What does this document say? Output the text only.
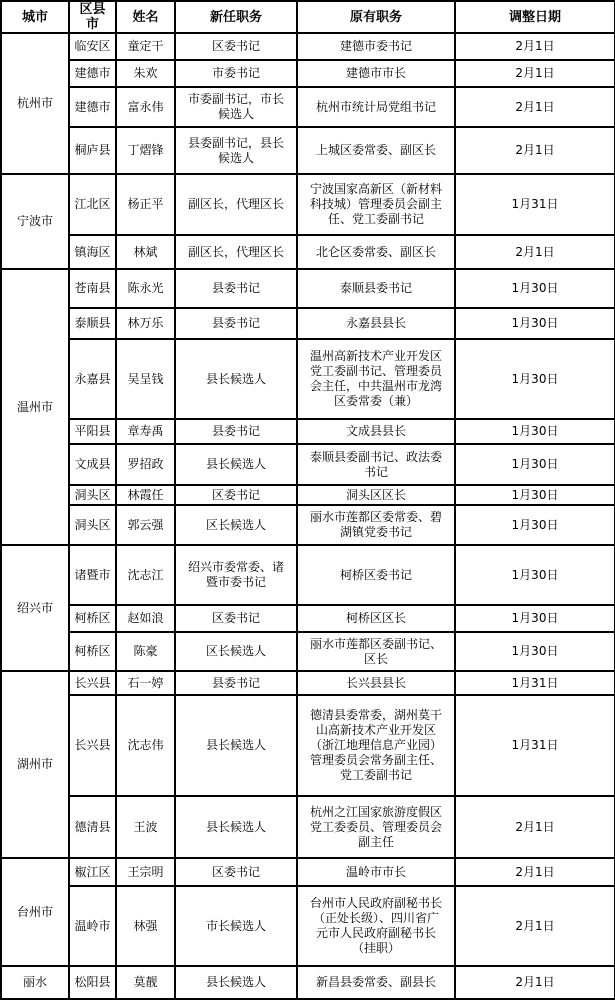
城市	区县市	姓名	新任职务	原有职务	调整日期
杭州市	临安区	童定干	区委书记	建德市委书记	2月1日
	建德市	朱欢	市委书记	建德市市长	2月1日
	建德市	富永伟	市委副书记，市长候选人	杭州市统计局党组书记	2月1日
	桐庐县	丁熠锋	县委副书记，县长候选人	上城区委常委、副区长	2月1日
宁波市	江北区	杨正平	副区长，代理区长	宁波国家高新区（新材料科技城）管理委员会副主任、党工委副书记	1月31日
	镇海区	林斌	副区长，代理区长	北仑区委常委、副区长	2月1日
温州市	苍南县	陈永光	县委书记	泰顺县委书记	1月30日
	泰顺县	林万乐	县委书记	永嘉县县长	1月30日
	永嘉县	吴呈钱	县长候选人	温州高新技术产业开发区党工委副书记、管理委员会主任，中共温州市龙湾区委常委（兼）	1月30日
	平阳县	章寿禹	县委书记	文成县县长	1月30日
	文成县	罗招政	县长候选人	泰顺县委副书记、政法委书记	1月30日
	洞头区	林霞任	区委书记	洞头区区长	1月30日
	洞头区	郭云强	区长候选人	丽水市莲都区委常委、碧湖镇党委书记	1月30日
绍兴市	诸暨市	沈志江	绍兴市委常委、诸暨市委书记	柯桥区委书记	1月30日
	柯桥区	赵如浪	区委书记	柯桥区区长	1月30日
	柯桥区	陈豪	区长候选人	丽水市莲都区委副书记、区长	1月30日
湖州市	长兴县	石一婷	县委书记	长兴县县长	1月31日
	长兴县	沈志伟	县长候选人	德清县委常委，湖州莫干山高新技术产业开发区（浙江地理信息产业园）管理委员会常务副主任、党工委副书记	1月31日
	德清县	王波	县长候选人	杭州之江国家旅游度假区党工委委员、管理委员会副主任	2月1日
台州市	椒江区	王宗明	区委书记	温岭市市长	2月1日
	温岭市	林强	市长候选人	台州市人民政府副秘书长（正处长级）、四川省广元市人民政府副秘书长（挂职）	2月1日
丽水	松阳县	莫靓	县长候选人	新昌县委常委、副县长	2月1日
